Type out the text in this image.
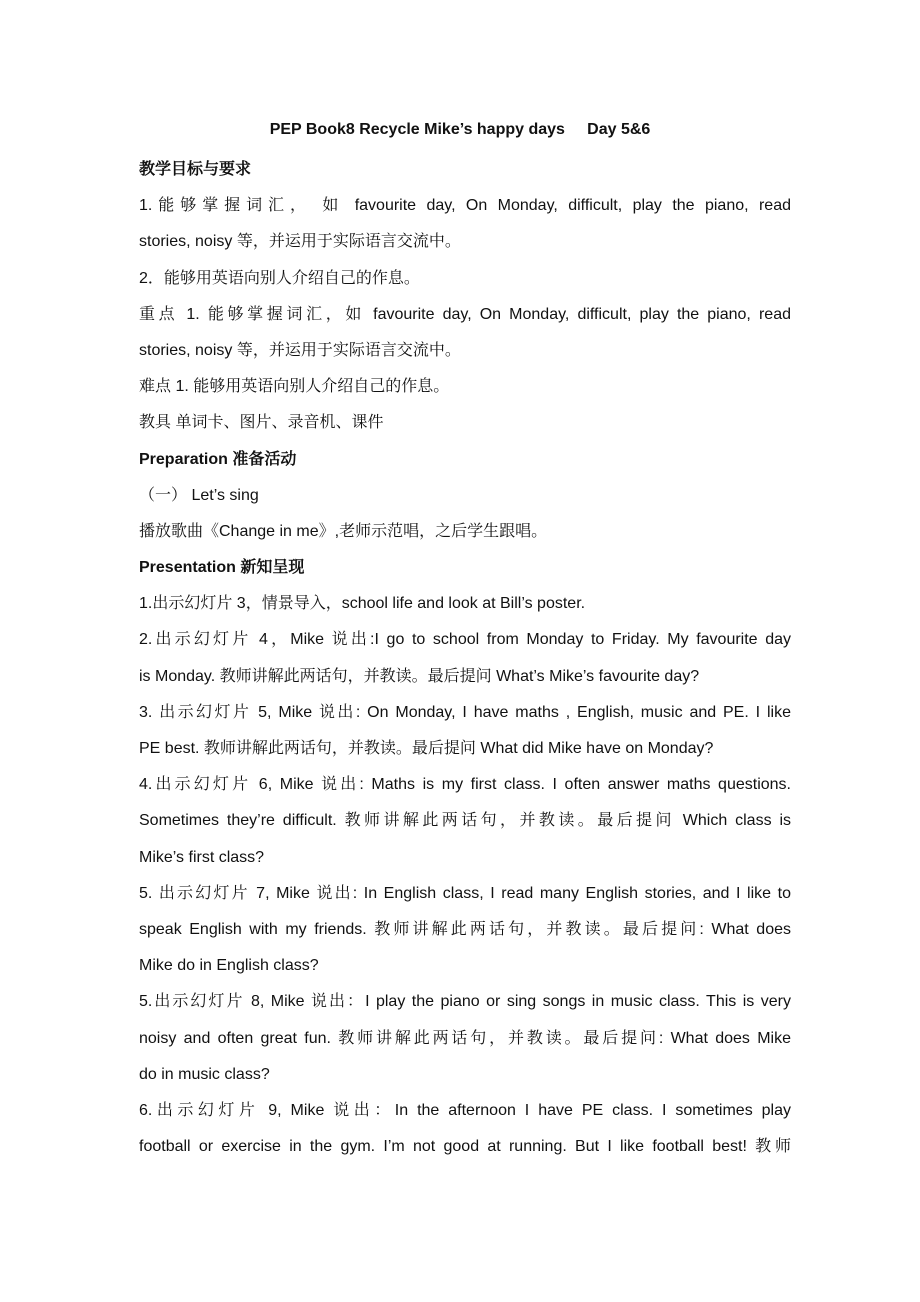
PEP Book8 Recycle Mike’s happy days     Day 5&6
教学目标与要求
1.能够掌握词汇， 如 favourite day, On Monday, difficult, play the piano, read
stories, noisy 等，并运用于实际语言交流中。
2．能够用英语向别人介绍自己的作息。
重点 1. 能够掌握词汇，如 favourite day, On Monday, difficult, play the piano, read
stories, noisy 等，并运用于实际语言交流中。
难点 1. 能够用英语向别人介绍自己的作息。
教具 单词卡、图片、录音机、课件
Preparation 准备活动
（一） Let’s sing
播放歌曲《Change in me》,老师示范唱，之后学生跟唱。
Presentation 新知呈现
1.出示幻灯片 3，情景导入，school life and look at Bill’s poster.
2.出示幻灯片 4，Mike 说出:I go to school from Monday to Friday. My favourite day
is Monday. 教师讲解此两话句，并教读。最后提问 What’s Mike’s favourite day?
3. 出示幻灯片 5, Mike 说出: On Monday, I have maths , English, music and PE. I like
PE best. 教师讲解此两话句，并教读。最后提问 What did Mike have on Monday?
4.出示幻灯片 6, Mike 说出: Maths is my first class. I often answer maths questions.
Sometimes they’re difficult. 教师讲解此两话句，并教读。最后提问 Which class is
Mike’s first class?
5. 出示幻灯片 7, Mike 说出: In English class, I read many English stories, and I like to
speak English with my friends. 教师讲解此两话句，并教读。最后提问: What does
Mike do in English class?
5.出示幻灯片 8, Mike 说出：I play the piano or sing songs in music class. This is very
noisy and often great fun. 教师讲解此两话句，并教读。最后提问: What does Mike
do in music class?
6.出示幻灯片 9, Mike 说出：In the afternoon I have PE class. I sometimes play
football or exercise in the gym. I’m not good at running. But I like football best! 教师
